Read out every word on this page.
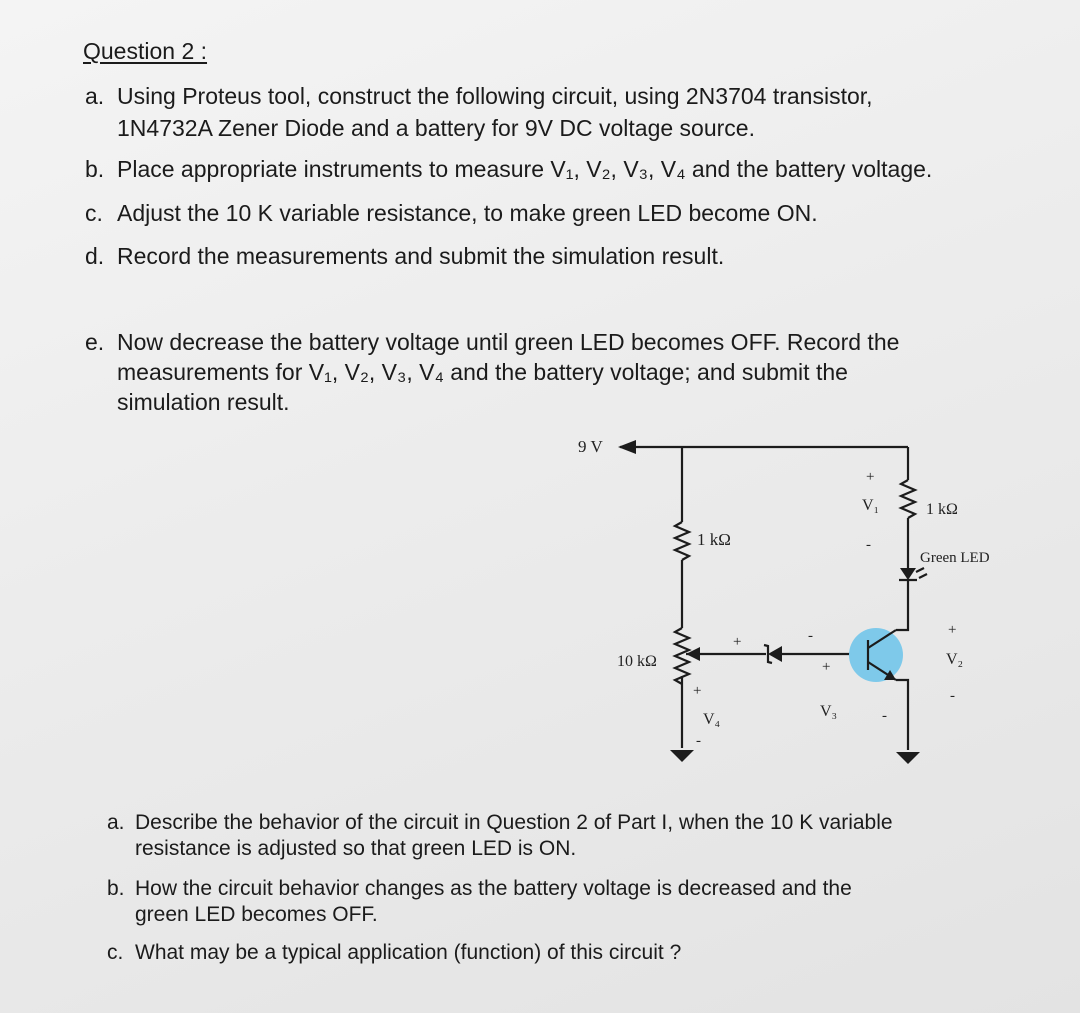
Question 2 :
a. Using Proteus tool, construct the following circuit, using 2N3704 transistor,
1N4732A Zener Diode and a battery for 9V DC voltage source.
b. Place appropriate instruments to measure V₁, V₂, V₃, V₄ and the battery voltage.
c. Adjust the 10 K variable resistance, to make green LED become ON.
d. Record the measurements and submit the simulation result.
e. Now decrease the battery voltage until green LED becomes OFF. Record the
measurements for V₁, V₂, V₃, V₄ and the battery voltage; and submit the
simulation result.
9 V
1 kΩ
10 kΩ
+
V₄
-
+	-
+
V₃
1 kΩ
+
V₁
-
Green LED
+
V₂
-
-
a. Describe the behavior of the circuit in Question 2 of Part I, when the 10 K variable
resistance is adjusted so that green LED is ON.
b. How the circuit behavior changes as the battery voltage is decreased and the
green LED becomes OFF.
c. What may be a typical application (function) of this circuit ?
